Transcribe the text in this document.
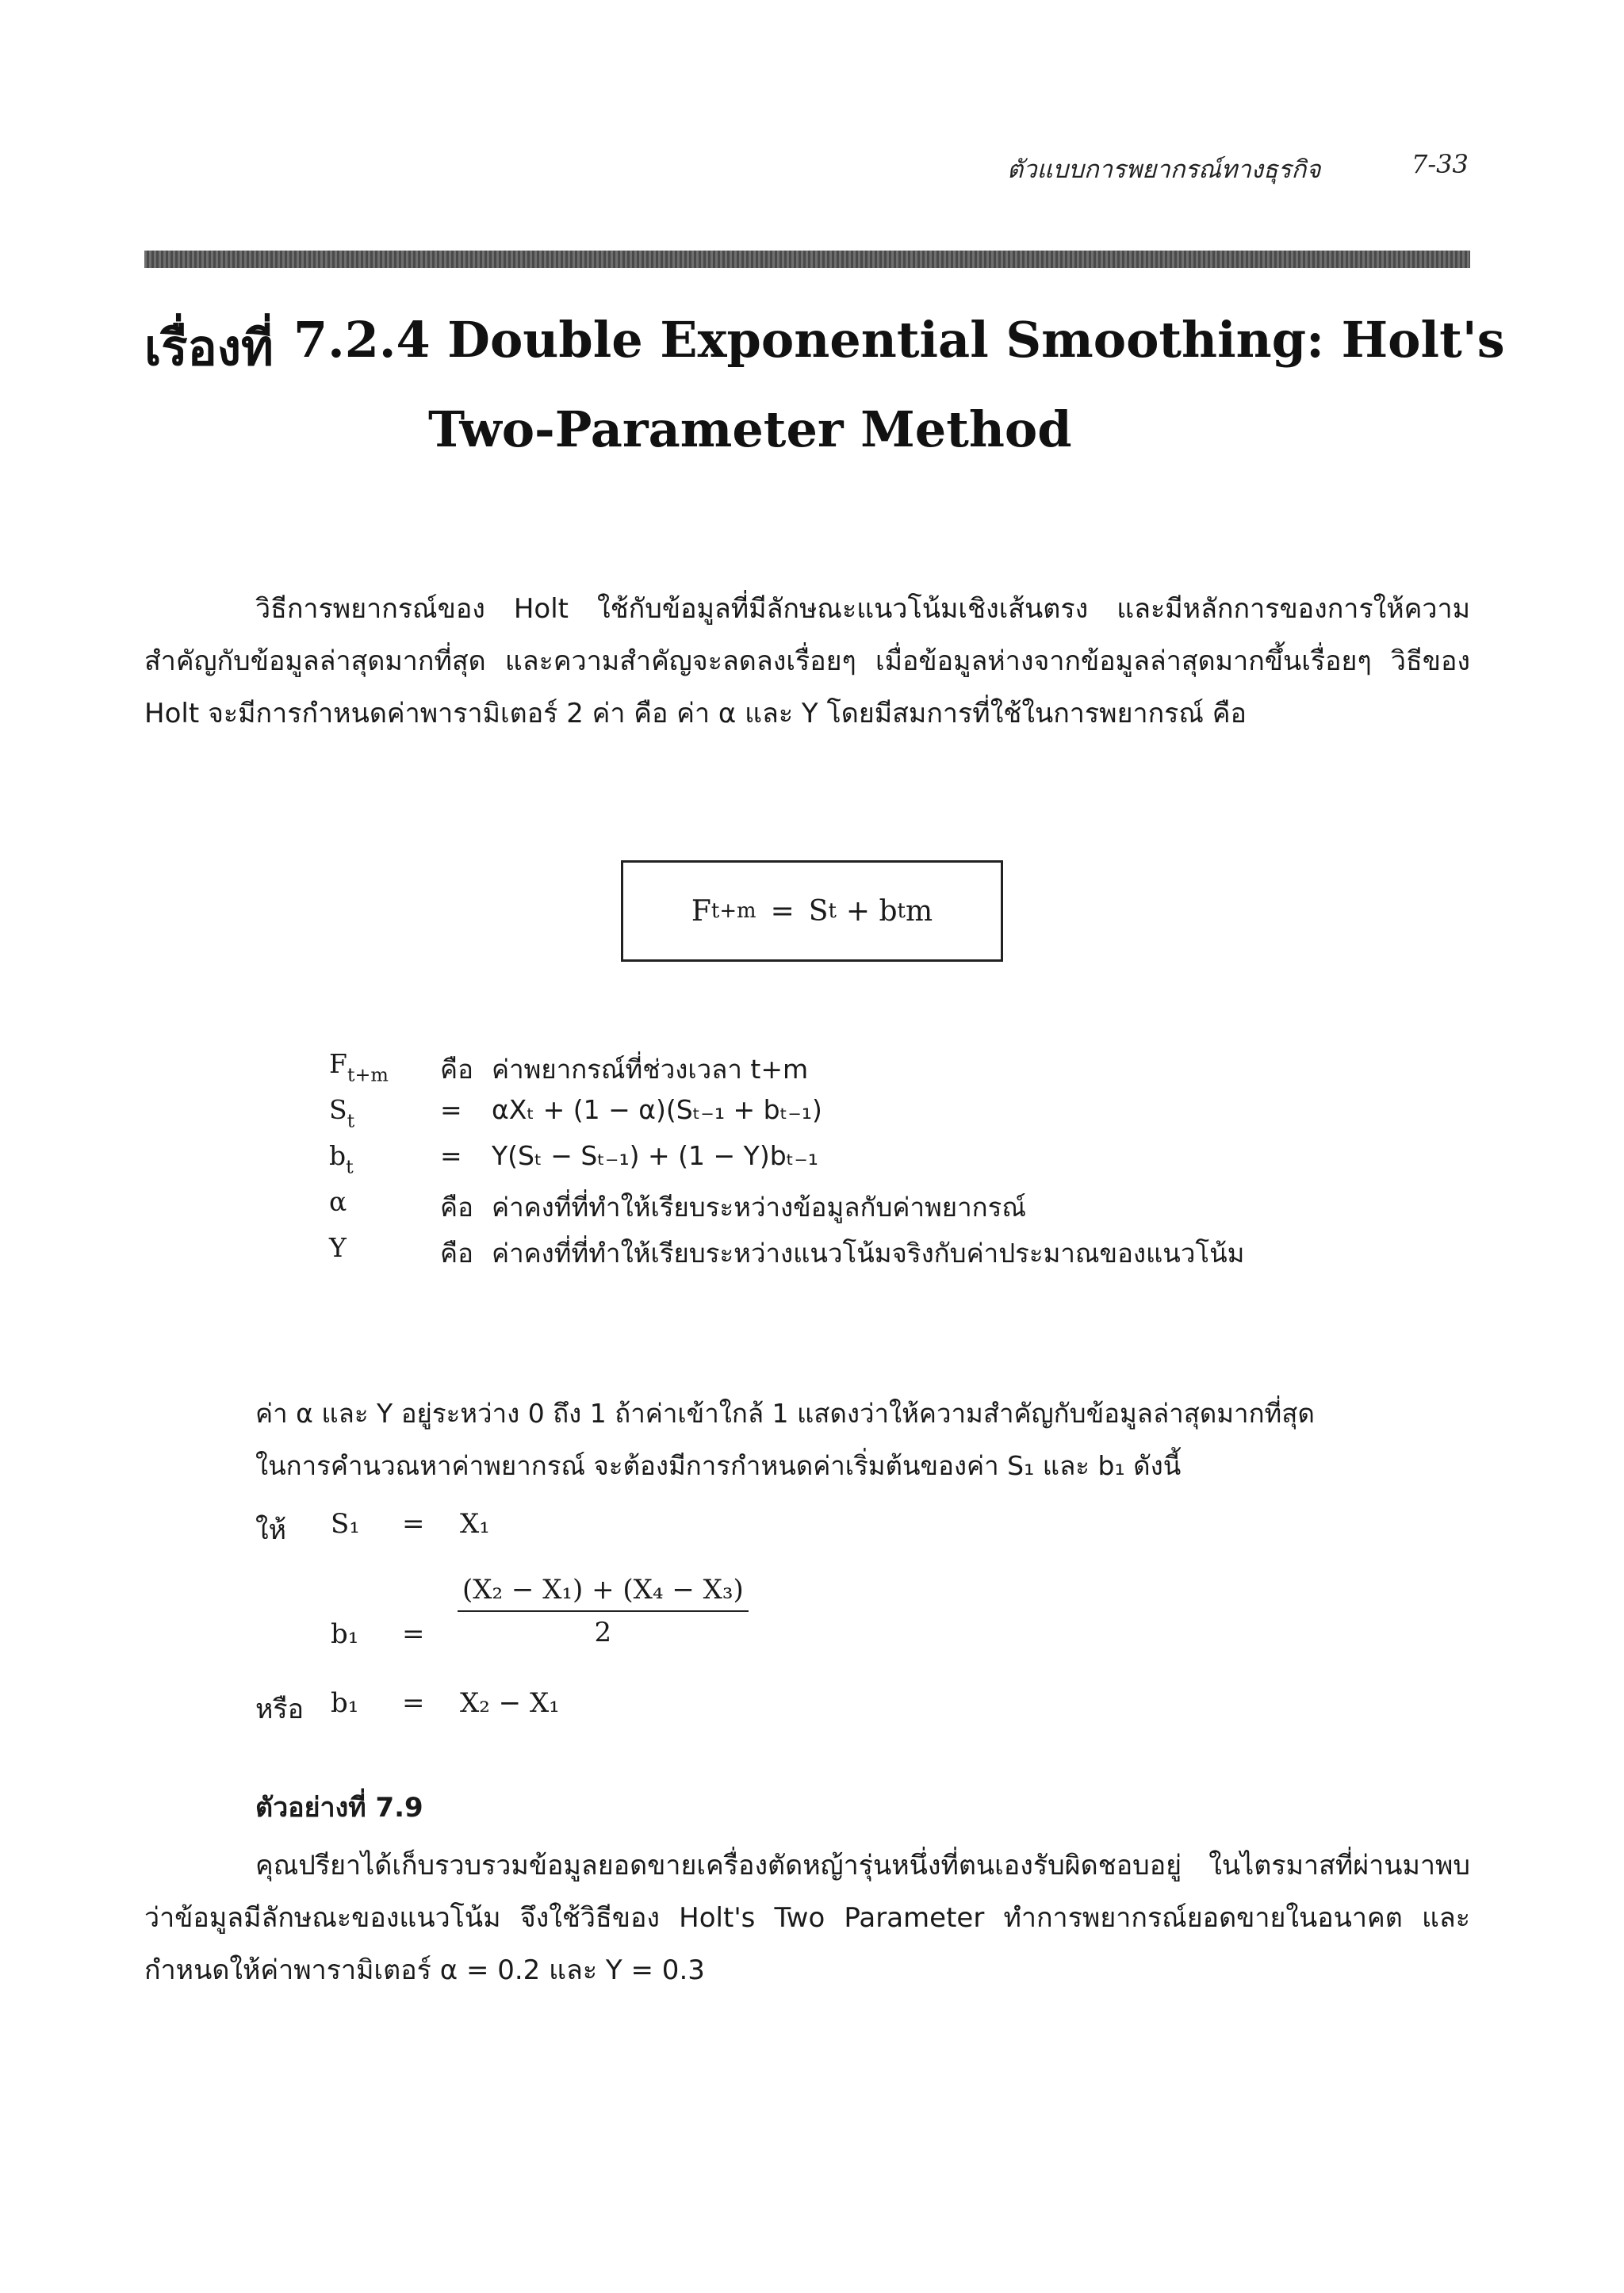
ตัวแบบการพยากรณ์ทางธุรกิจ	7-33
เรื่องที่ 7.2.4 Double Exponential Smoothing: Holt's
Two-Parameter Method

วิธีการพยากรณ์ของ Holt ใช้กับข้อมูลที่มีลักษณะแนวโน้มเชิงเส้นตรง และมีหลักการของการให้ความสำคัญกับข้อมูลล่าสุดมากที่สุด และความสำคัญจะลดลงเรื่อยๆ เมื่อข้อมูลห่างจากข้อมูลล่าสุดมากขึ้นเรื่อยๆ วิธีของ Holt จะมีการกำหนดค่าพารามิเตอร์ 2 ค่า คือ ค่า α และ Y โดยมีสมการที่ใช้ในการพยากรณ์ คือ

F t+m = S t + b t m
$F_{t+m}$ คือ ค่าพยากรณ์ที่ช่วงเวลา t+m
$S_t$	= αXₜ + (1 − α)(Sₜ₋₁ + bₜ₋₁)
$b_t$	= Y(Sₜ − Sₜ₋₁) + (1 − Y)bₜ₋₁
α	คือ ค่าคงที่ที่ทำให้เรียบระหว่างข้อมูลกับค่าพยากรณ์
Y	คือ ค่าคงที่ที่ทำให้เรียบระหว่างแนวโน้มจริงกับค่าประมาณของแนวโน้ม

ค่า α และ Y อยู่ระหว่าง 0 ถึง 1 ถ้าค่าเข้าใกล้ 1 แสดงว่าให้ความสำคัญกับข้อมูลล่าสุดมากที่สุด

ในการคำนวณหาค่าพยากรณ์ จะต้องมีการกำหนดค่าเริ่มต้นของค่า S₁ และ b₁ ดังนี้

ให้ S₁ = X₁
$b_1 = \frac{\text{(X₂ − X₁) + (X₄ − X₃)}}{2}$
หรือ b₁ = X₂ − X₁
ตัวอย่างที่ 7.9

คุณปรียาได้เก็บรวบรวมข้อมูลยอดขายเครื่องตัดหญ้ารุ่นหนึ่งที่ตนเองรับผิดชอบอยู่ ในไตรมาสที่ผ่านมาพบว่าข้อมูลมีลักษณะของแนวโน้ม จึงใช้วิธีของ Holt's Two Parameter ทำการพยากรณ์ยอดขายในอนาคต และกำหนดให้ค่าพารามิเตอร์ α = 0.2 และ Y = 0.3
